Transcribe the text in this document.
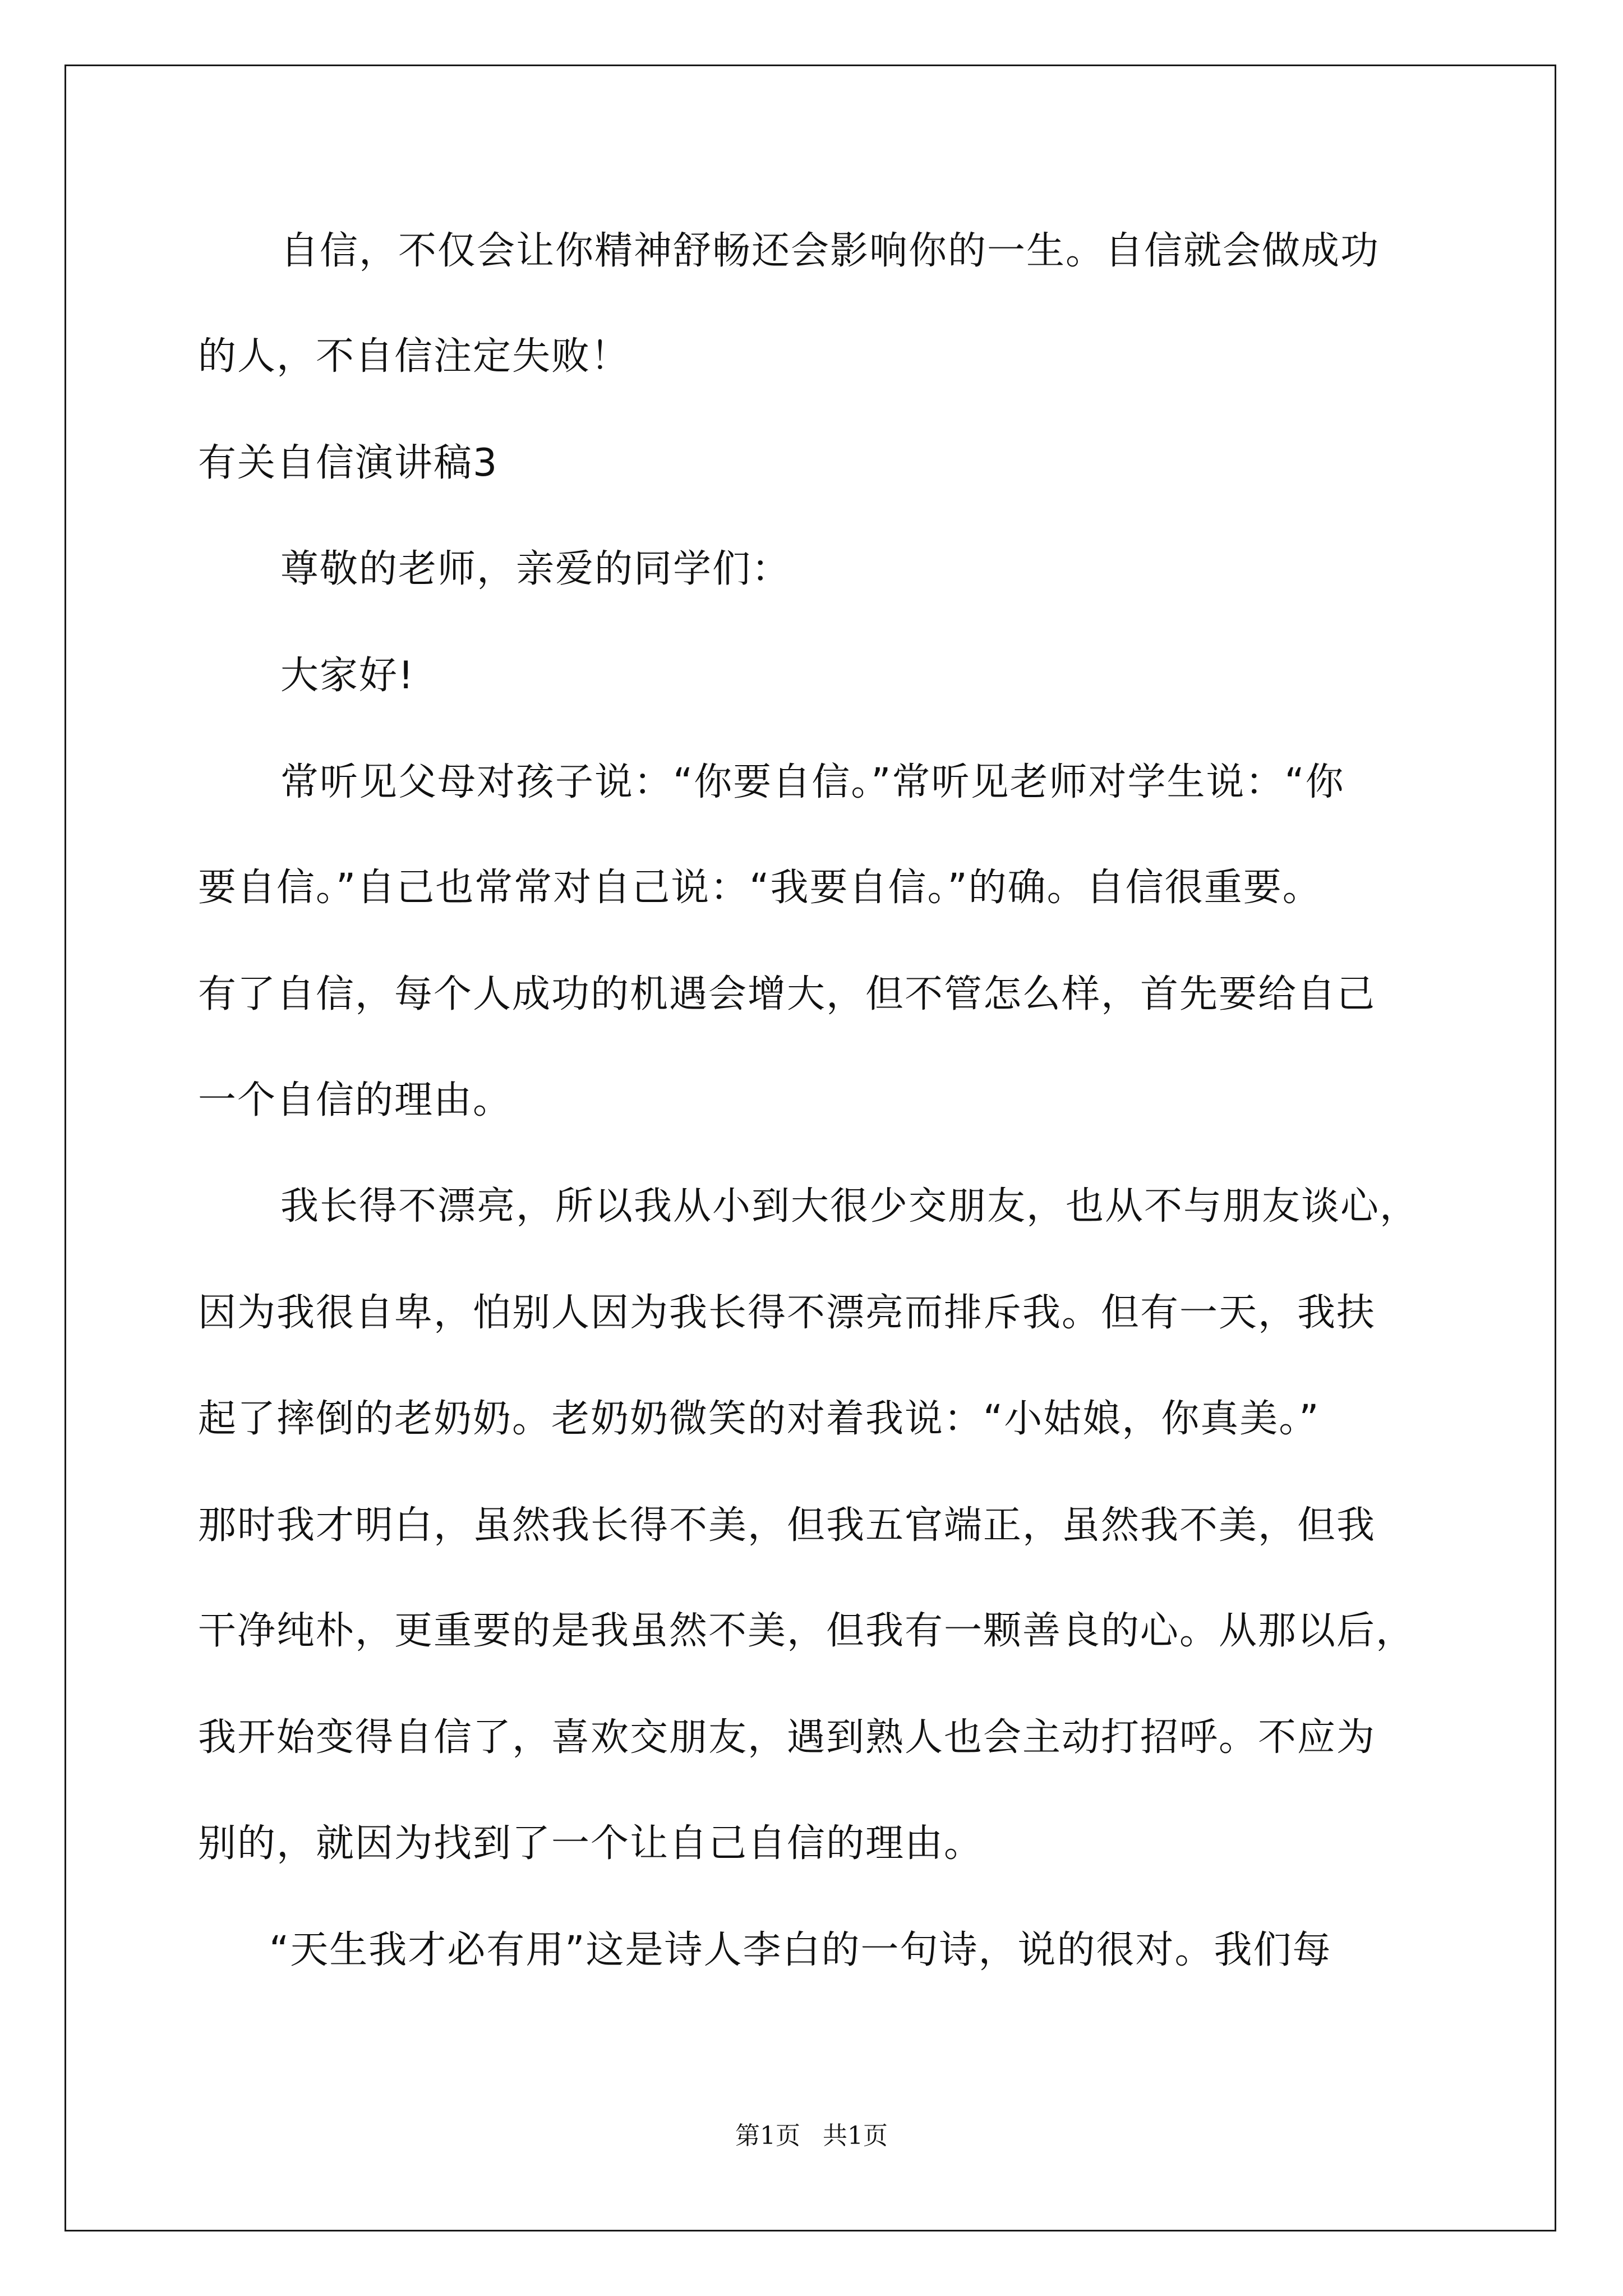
自信，不仅会让你精神舒畅还会影响你的一生。自信就会做成功
的人，不自信注定失败！
有关自信演讲稿3
尊敬的老师，亲爱的同学们：
大家好!
常听见父母对孩子说：“你要自信。”常听见老师对学生说：“你
要自信。”自己也常常对自己说：“我要自信。”的确。自信很重要。
有了自信，每个人成功的机遇会增大，但不管怎么样，首先要给自己
一个自信的理由。
我长得不漂亮，所以我从小到大很少交朋友，也从不与朋友谈心，
因为我很自卑，怕别人因为我长得不漂亮而排斥我。但有一天，我扶
起了摔倒的老奶奶。老奶奶微笑的对着我说：“小姑娘，你真美。”
那时我才明白，虽然我长得不美，但我五官端正，虽然我不美，但我
干净纯朴，更重要的是我虽然不美，但我有一颗善良的心。从那以后，
我开始变得自信了，喜欢交朋友，遇到熟人也会主动打招呼。不应为
别的，就因为找到了一个让自己自信的理由。
“天生我才必有用”这是诗人李白的一句诗，说的很对。我们每
第1页 共1页
